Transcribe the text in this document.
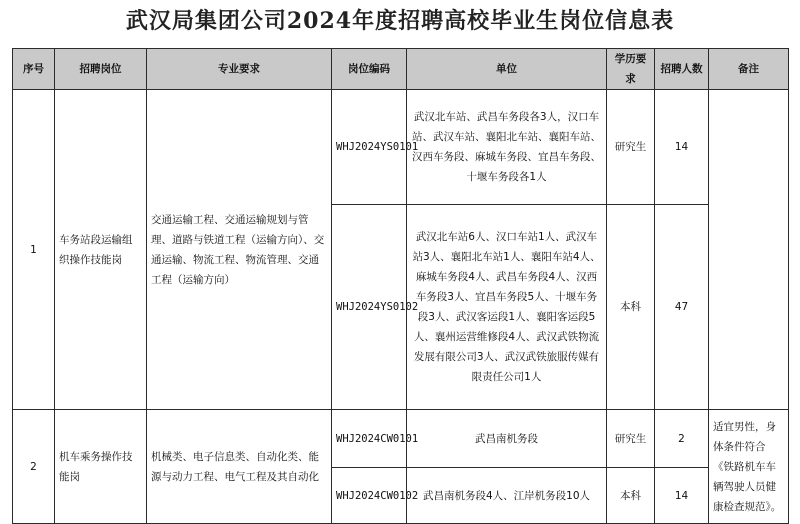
武汉局集团公司2024年度招聘高校毕业生岗位信息表
序号	招聘岗位	专业要求	岗位编码	单位	学历要求	招聘人数	备注
1	车务站段运输组织操作技能岗	交通运输工程、交通运输规划与管理、道路与铁道工程（运输方向）、交通运输、物流工程、物流管理、交通工程（运输方向）	WHJ2024YS0101	武汉北车站、武昌车务段各3人，汉口车站、武汉车站、襄阳北车站、襄阳车站、汉西车务段、麻城车务段、宜昌车务段、十堰车务段各1人	研究生	14	
			WHJ2024YS0102	武汉北车站6人、汉口车站1人、武汉车站3人、襄阳北车站1人、襄阳车站4人、麻城车务段4人、武昌车务段4人、汉西车务段3人、宜昌车务段5人、十堰车务段3人、武汉客运段1人、襄阳客运段5人、襄州运营维修段4人、武汉武铁物流发展有限公司3人、武汉武铁旅服传媒有限责任公司1人	本科	47	
2	机车乘务操作技能岗	机械类、电子信息类、自动化类、能源与动力工程、电气工程及其自动化	WHJ2024CW0101	武昌南机务段	研究生	2	适宜男性，身体条件符合《铁路机车车辆驾驶人员健康检查规范》。
			WHJ2024CW0102	武昌南机务段4人、江岸机务段10人	本科	14	
